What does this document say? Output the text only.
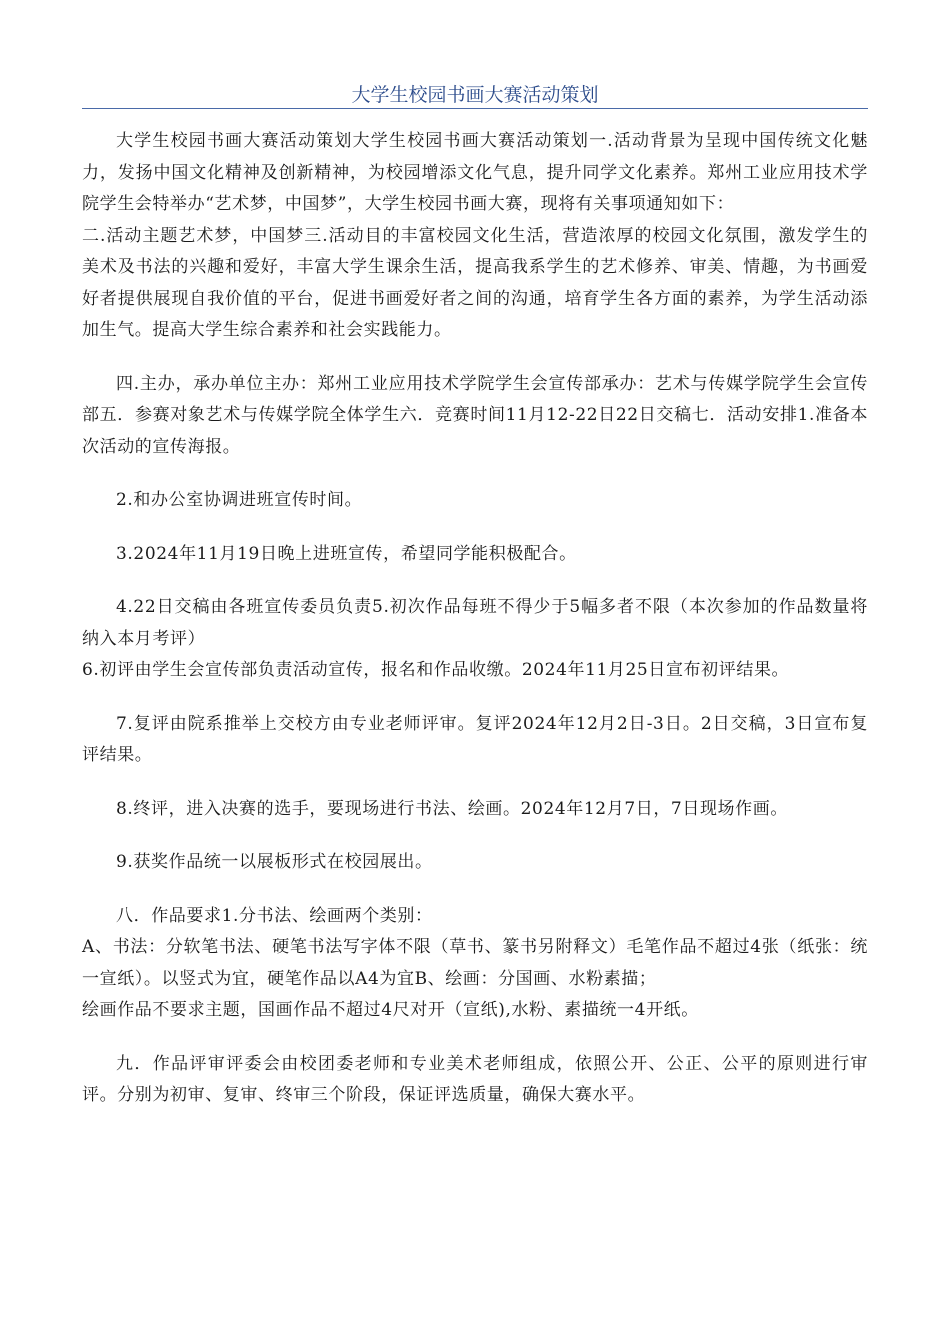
大学生校园书画大赛活动策划

大学生校园书画大赛活动策划大学生校园书画大赛活动策划一.活动背景为呈现中国传统文化魅力，发扬中国文化精神及创新精神，为校园增添文化气息，提升同学文化素养。郑州工业应用技术学院学生会特举办“艺术梦，中国梦”，大学生校园书画大赛，现将有关事项通知如下：

二.活动主题艺术梦，中国梦三.活动目的丰富校园文化生活，营造浓厚的校园文化氛围，激发学生的美术及书法的兴趣和爱好，丰富大学生课余生活，提高我系学生的艺术修养、审美、情趣，为书画爱好者提供展现自我价值的平台，促进书画爱好者之间的沟通，培育学生各方面的素养，为学生活动添加生气。提高大学生综合素养和社会实践能力。

四.主办，承办单位主办：郑州工业应用技术学院学生会宣传部承办：艺术与传媒学院学生会宣传部五．参赛对象艺术与传媒学院全体学生六．竞赛时间11月12-22日22日交稿七．活动安排1.准备本次活动的宣传海报。

2.和办公室协调进班宣传时间。

3.2024年11月19日晚上进班宣传，希望同学能积极配合。

4.22日交稿由各班宣传委员负责5.初次作品每班不得少于5幅多者不限（本次参加的作品数量将纳入本月考评）

6.初评由学生会宣传部负责活动宣传，报名和作品收缴。2024年11月25日宣布初评结果。

7.复评由院系推举上交校方由专业老师评审。复评2024年12月2日-3日。2日交稿，3日宣布复评结果。

8.终评，进入决赛的选手，要现场进行书法、绘画。2024年12月7日，7日现场作画。

9.获奖作品统一以展板形式在校园展出。

八．作品要求1.分书法、绘画两个类别：

A、书法：分软笔书法、硬笔书法写字体不限（草书、篆书另附释文）毛笔作品不超过4张（纸张：统一宣纸）。以竖式为宜，硬笔作品以A4为宜B、绘画：分国画、水粉素描；

绘画作品不要求主题，国画作品不超过4尺对开（宣纸),水粉、素描统一4开纸。

九．作品评审评委会由校团委老师和专业美术老师组成，依照公开、公正、公平的原则进行审评。分别为初审、复审、终审三个阶段，保证评选质量，确保大赛水平。
